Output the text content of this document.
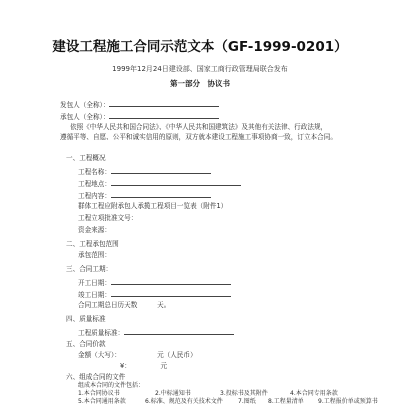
建设工程施工合同示范文本（GF-1999-0201）
1999年12月24日建设部、国家工商行政管理局联合发布
第一部分　协议书
发包人（全称）：
承包人（全称）：
依照《中华人民共和国合同法》、《中华人民共和国建筑法》及其他有关法律、行政法规，
遵循平等、自愿、公平和诚实信用的原则，双方就本建设工程施工事项协商一致，订立本合同。
一、工程概况
工程名称：
工程地点：
工程内容：
群体工程应附承包人承揽工程项目一览表（附件1）
工程立项批准文号：
资金来源：
二、工程承包范围
承包范围：
三、合同工期：
开工日期：
竣工日期：
合同工期总日历天数　　　天。
四、质量标准
工程质量标准：
五、合同价款
金额（大写）：　　　　　　元（人民币）
¥：　　　　　元
六、组成合同的文件
组成本合同的文件包括：
1.本合同协议书	2.中标通知书	3.投标书及其附件	4.本合同专用条款
5.本合同通用条款	6.标准、规范及有关技术文件	7.图纸 8.工程量清单 9.工程报价单或预算书
